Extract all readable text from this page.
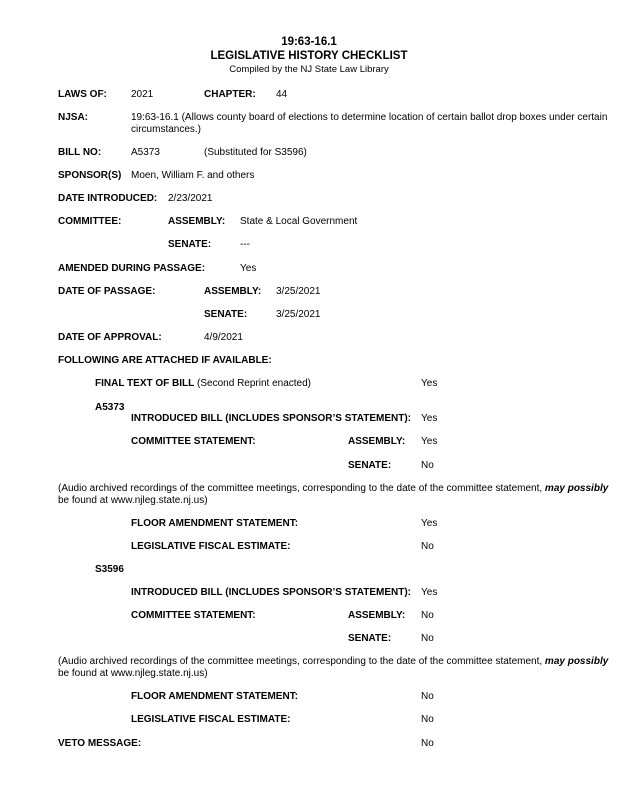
19:63-16.1
LEGISLATIVE HISTORY CHECKLIST
Compiled by the NJ State Law Library
LAWS OF: 2021	CHAPTER: 44
NJSA:	19:63-16.1 (Allows county board of elections to determine location of certain ballot drop boxes under certain
circumstances.)
BILL NO:	A5373	(Substituted for S3596)
SPONSOR(S) Moen, William F. and others
DATE INTRODUCED: 2/23/2021
COMMITTEE:	ASSEMBLY: State & Local Government
SENATE:	---
AMENDED DURING PASSAGE:	Yes
DATE OF PASSAGE:	ASSEMBLY: 3/25/2021
SENATE:	3/25/2021
DATE OF APPROVAL:	4/9/2021
FOLLOWING ARE ATTACHED IF AVAILABLE:
FINAL TEXT OF BILL (Second Reprint enacted)	Yes
A5373
INTRODUCED BILL (INCLUDES SPONSOR’S STATEMENT): Yes
COMMITTEE STATEMENT:	ASSEMBLY: Yes
SENATE:	No
(Audio archived recordings of the committee meetings, corresponding to the date of the committee statement, may possibly
be found at www.njleg.state.nj.us)
FLOOR AMENDMENT STATEMENT:	Yes
LEGISLATIVE FISCAL ESTIMATE:	No
S3596
INTRODUCED BILL (INCLUDES SPONSOR’S STATEMENT): Yes
COMMITTEE STATEMENT:	ASSEMBLY: No
SENATE:	No
(Audio archived recordings of the committee meetings, corresponding to the date of the committee statement, may possibly
be found at www.njleg.state.nj.us)
FLOOR AMENDMENT STATEMENT:	No
LEGISLATIVE FISCAL ESTIMATE:	No
VETO MESSAGE:	No
